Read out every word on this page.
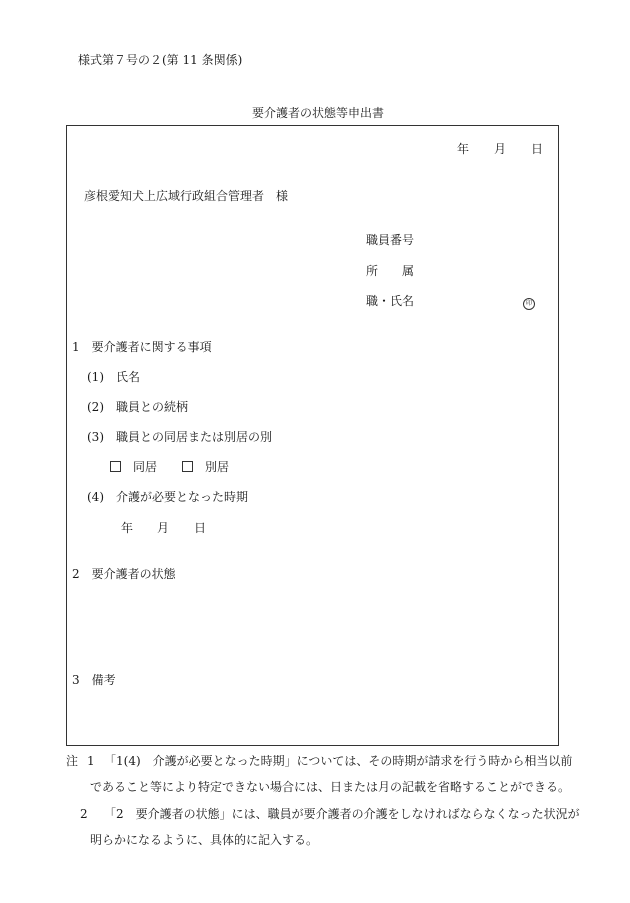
様式第７号の２(第 11 条関係)
要介護者の状態等申出書
年 月 日
彦根愛知犬上広域行政組合管理者　様
職員番号
所 属
職・氏名	印
1　要介護者に関する事項
(1)　氏名
(2)　職員との続柄
(3)　職員との同居または別居の別
同居	別居
(4)　介護が必要となった時期
年 月 日
2　要介護者の状態
3　備考
注 1 「1(4)　介護が必要となった時期」については、その時期が請求を行う時から相当以前
であること等により特定できない場合には、日または月の記載を省略することができる。
2 「2　要介護者の状態」には、職員が要介護者の介護をしなければならなくなった状況が
明らかになるように、具体的に記入する。
